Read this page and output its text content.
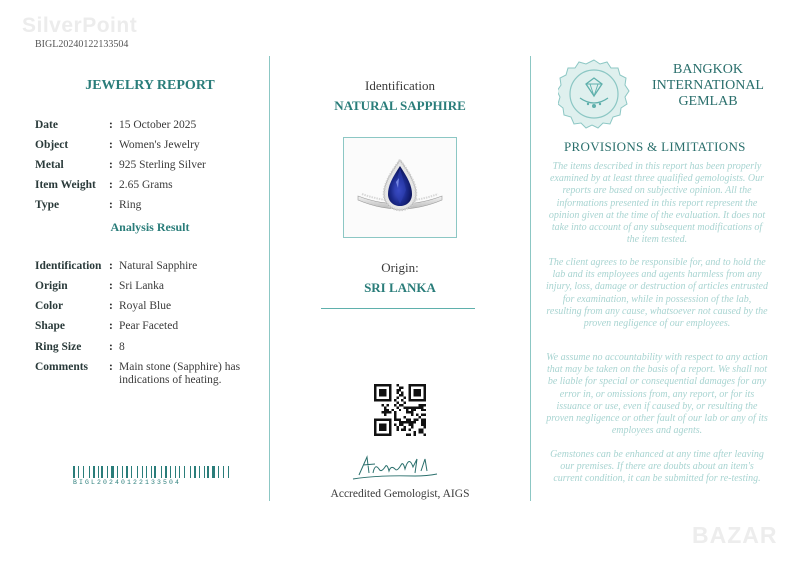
SilverPoint
BIGL20240122133504
JEWELRY REPORT
Date	: 15 October 2025
Object	: Women's Jewelry
Metal	: 925 Sterling Silver
Item Weight	: 2.65 Grams
Type	: Ring
Analysis Result
Identification : Natural Sapphire
Origin	: Sri Lanka
Color	: Royal Blue
Shape	: Pear Faceted
Ring Size	: 8
Comments	: Main stone (Sapphire) has indications of heating.
BIGL20240122133504
Identification
NATURAL SAPPHIRE
Origin:
SRI LANKA
Accredited Gemologist, AIGS
BANGKOK
INTERNATIONAL
GEMLAB
PROVISIONS & LIMITATIONS
The items described in this report has been properly examined by at least three qualified gemologists. Our reports are based on subjective opinion. All the informations presented in this report represent the opinion given at the time of the evaluation. It does not take into account of any subsequent modifications of the item tested.
The client agrees to be responsible for, and to hold the lab and its employees and agents harmless from any injury, loss, damage or destruction of articles entrusted for examination, while in possession of the lab, resulting from any cause, whatsoever not caused by the proven negligence of our employees.
We assume no accountability with respect to any action that may be taken on the basis of a report. We shall not be liable for special or consequential damages for any error in, or omissions from, any report, or for its issuance or use, even if caused by, or resulting the proven negligence or other fault of our lab or any of its employees and agents.
Gemstones can be enhanced at any time after leaving our premises. If there are doubts about an item's current condition, it can be submitted for re-testing.
BAZAR
